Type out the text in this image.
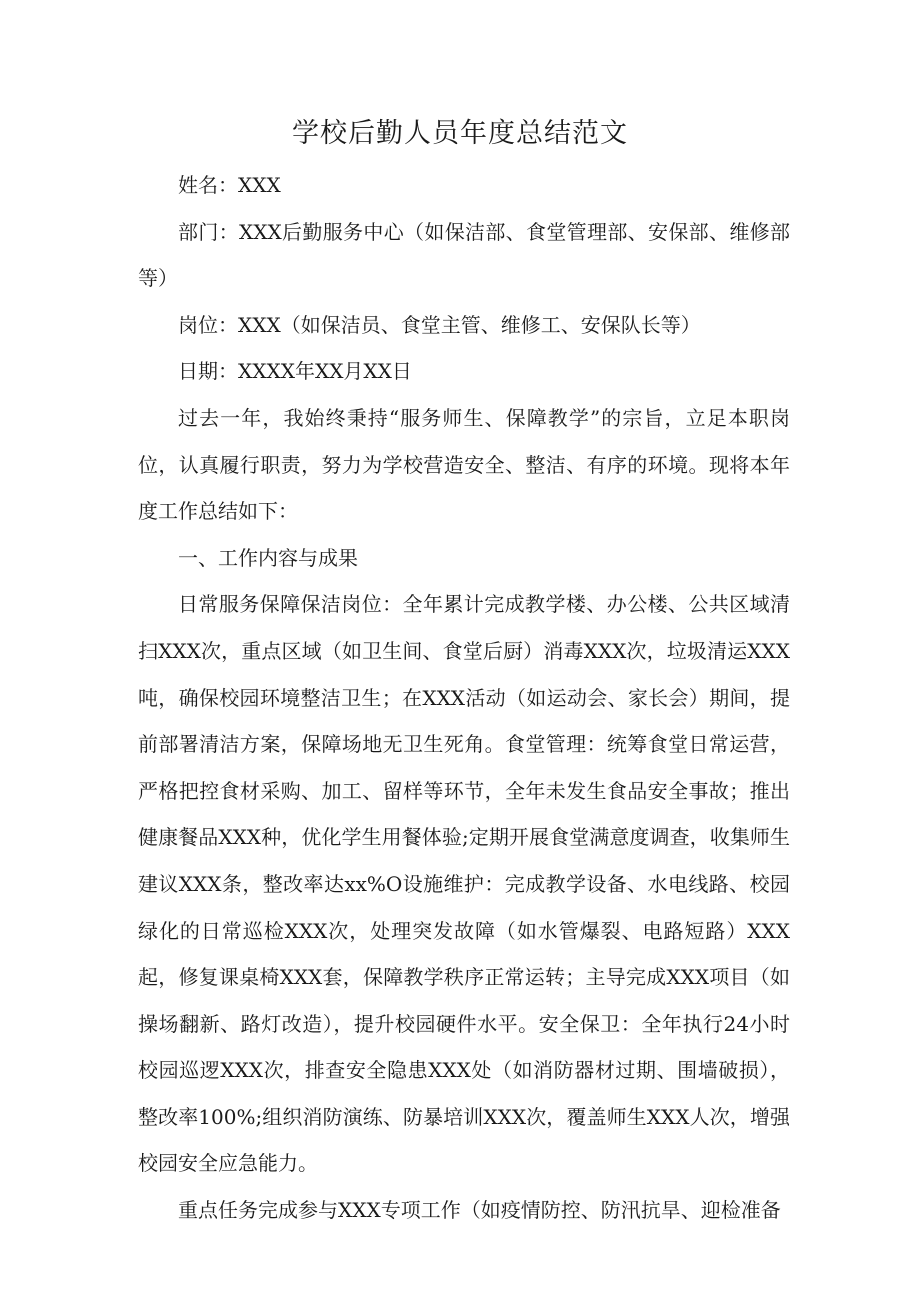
学校后勤人员年度总结范文

姓名：XXX

部门：XXX后勤服务中心（如保洁部、食堂管理部、安保部、维修部等）

岗位：XXX（如保洁员、食堂主管、维修工、安保队长等）

日期：XXXX年XX月XX日

过去一年，我始终秉持“服务师生、保障教学”的宗旨，立足本职岗位，认真履行职责，努力为学校营造安全、整洁、有序的环境。现将本年度工作总结如下：

一、工作内容与成果

日常服务保障保洁岗位：全年累计完成教学楼、办公楼、公共区域清扫XXX次，重点区域（如卫生间、食堂后厨）消毒XXX次，垃圾清运XXX吨，确保校园环境整洁卫生；在XXX活动（如运动会、家长会）期间，提前部署清洁方案，保障场地无卫生死角。食堂管理：统筹食堂日常运营，严格把控食材采购、加工、留样等环节，全年未发生食品安全事故；推出健康餐品XXX种，优化学生用餐体验;定期开展食堂满意度调查，收集师生建议XXX条，整改率达xx%O设施维护：完成教学设备、水电线路、校园绿化的日常巡检XXX次，处理突发故障（如水管爆裂、电路短路）XXX起，修复课桌椅XXX套，保障教学秩序正常运转；主导完成XXX项目（如操场翻新、路灯改造），提升校园硬件水平。安全保卫：全年执行24小时校园巡逻XXX次，排查安全隐患XXX处（如消防器材过期、围墙破损），整改率100%;组织消防演练、防暴培训XXX次，覆盖师生XXX人次，增强校园安全应急能力。

重点任务完成参与XXX专项工作（如疫情防控、防汛抗旱、迎检准备
